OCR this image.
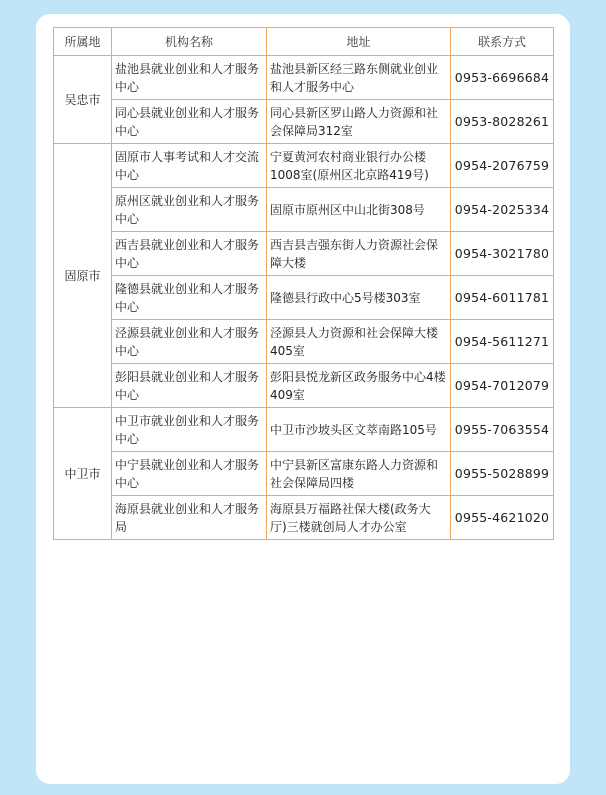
所属地	机构名称	地址	联系方式
吴忠市	盐池县就业创业和人才服务中心	盐池县新区经三路东侧就业创业和人才服务中心	0953-6696684
	同心县就业创业和人才服务中心	同心县新区罗山路人力资源和社会保障局312室	0953-8028261
固原市	固原市人事考试和人才交流中心	宁夏黄河农村商业银行办公楼1008室(原州区北京路419号)	0954-2076759
	原州区就业创业和人才服务中心	固原市原州区中山北街308号	0954-2025334
	西吉县就业创业和人才服务中心	西吉县吉强东街人力资源社会保障大楼	0954-3021780
	隆德县就业创业和人才服务中心	隆德县行政中心5号楼303室	0954-6011781
	泾源县就业创业和人才服务中心	泾源县人力资源和社会保障大楼405室	0954-5611271
	彭阳县就业创业和人才服务中心	彭阳县悦龙新区政务服务中心4楼409室	0954-7012079
中卫市	中卫市就业创业和人才服务中心	中卫市沙坡头区文萃南路105号	0955-7063554
	中宁县就业创业和人才服务中心	中宁县新区富康东路人力资源和社会保障局四楼	0955-5028899
	海原县就业创业和人才服务局	海原县万福路社保大楼(政务大厅)三楼就创局人才办公室	0955-4621020
